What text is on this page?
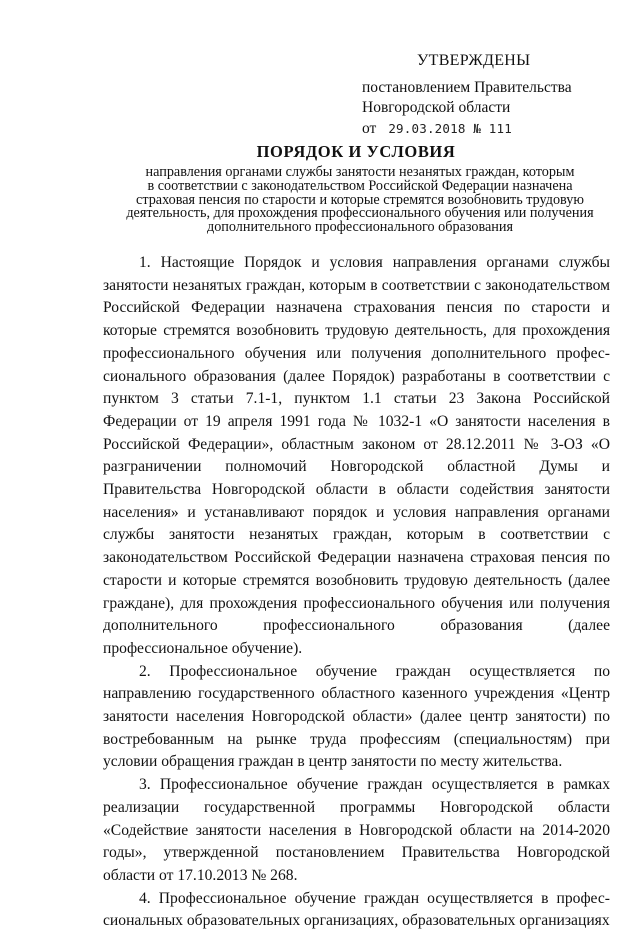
УТВЕРЖДЕНЫ
постановлением Правительства
Новгородской области
от 29.03.2018 № 111
ПОРЯДОК И УСЛОВИЯ
направления органами службы занятости незанятых граждан, которым
в соответствии с законодательством Российской Федерации назначена
страховая пенсия по старости и которые стремятся возобновить трудовую
деятельность, для прохождения профессионального обучения или получения
дополнительного профессионального образования

1. Настоящие Порядок и условия направления органами службы занятости незанятых граждан, которым в соответствии с законодательством Российской Федерации назначена страхования пенсия по старости и которые стремятся возобновить трудовую деятельность, для прохождения профессионального обучения или получения дополнительного профессионального образования (далее Порядок) разработаны в соответствии с пунктом 3 статьи 7.1-1, пунктом 1.1 статьи 23 Закона Российской Федерации от 19 апреля 1991 года № 1032-1 «О занятости населения в Российской Федерации», областным законом от 28.12.2011 № 3-ОЗ «О разграничении полномочий Новгородской областной Думы и Правительства Новгородской области в области содействия занятости населения» и устанавливают порядок и условия направления органами службы занятости незанятых граждан, которым в соответствии с законодательством Российской Федерации назначена страховая пенсия по старости и которые стремятся возобновить трудовую деятельность (далее граждане), для прохождения профессионального обучения или получения дополнительного профессионального образования (далее профессиональное обучение).

2. Профессиональное обучение граждан осуществляется по направлению государственного областного казенного учреждения «Центр занятости населения Новгородской области» (далее центр занятости) по востребованным на рынке труда профессиям (специальностям) при условии обращения граждан в центр занятости по месту жительства.

3. Профессиональное обучение граждан осуществляется в рамках реализации государственной программы Новгородской области «Содействие занятости населения в Новгородской области на 2014-2020 годы», утвержденной постановлением Правительства Новгородской области от 17.10.2013 № 268.

4. Профессиональное обучение граждан осуществляется в профессиональных образовательных организациях, образовательных организациях
